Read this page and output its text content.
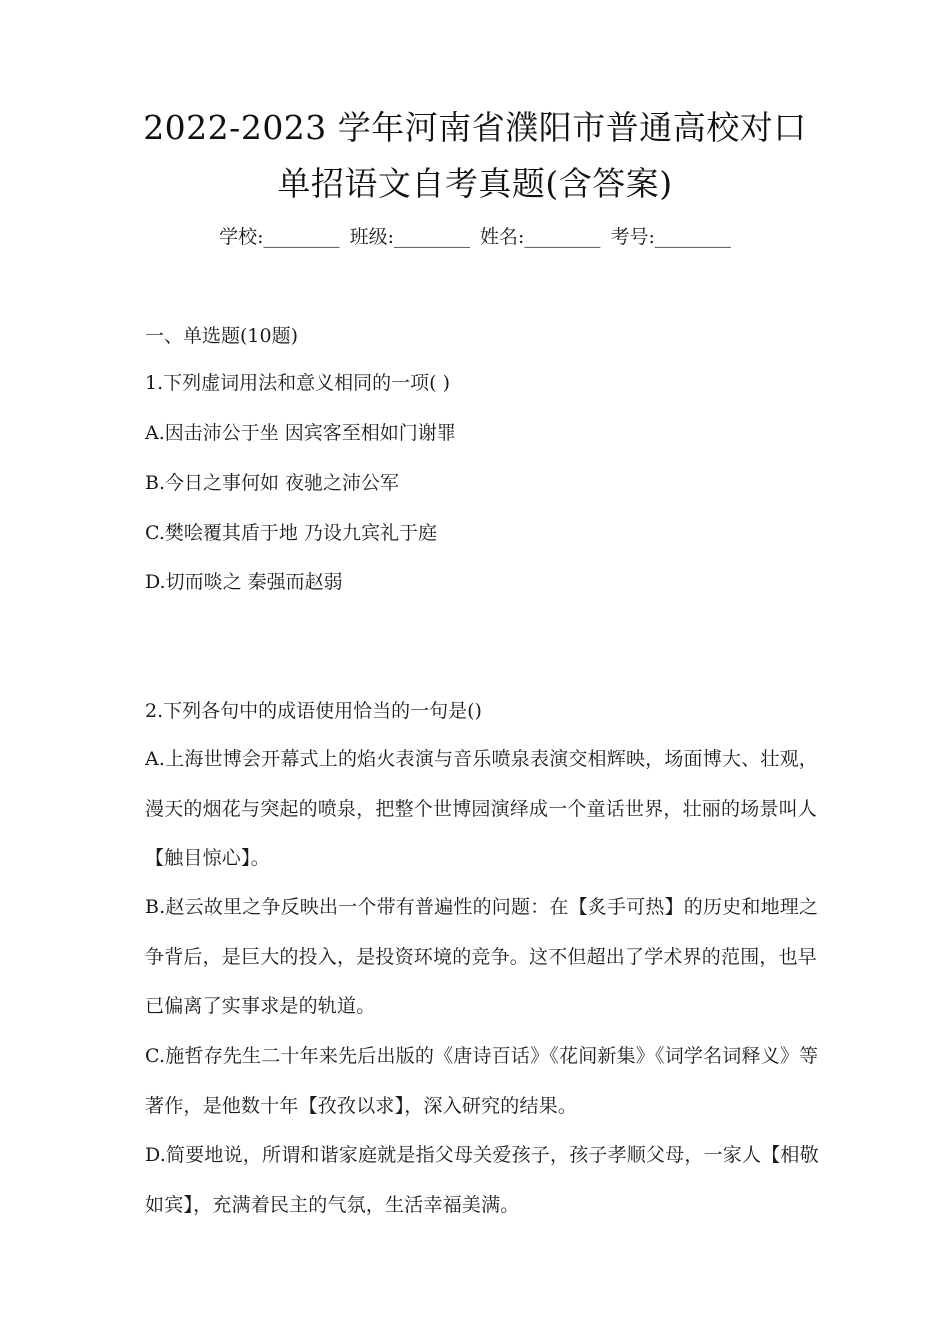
2022-2023 学年河南省濮阳市普通高校对口
单招语文自考真题(含答案)
学校:________ 班级:________ 姓名:________ 考号:________
一、单选题(10题)
1.下列虚词用法和意义相同的一项( )
A.因击沛公于坐 因宾客至相如门谢罪
B.今日之事何如 夜驰之沛公军
C.樊哙覆其盾于地 乃设九宾礼于庭
D.切而啖之 秦强而赵弱
2.下列各句中的成语使用恰当的一句是()
A.上海世博会开幕式上的焰火表演与音乐喷泉表演交相辉映，场面博大、壮观，漫天的烟花与突起的喷泉，把整个世博园演绎成一个童话世界，壮丽的场景叫人【触目惊心】。
B.赵云故里之争反映出一个带有普遍性的问题：在【炙手可热】的历史和地理之争背后，是巨大的投入，是投资环境的竞争。这不但超出了学术界的范围，也早已偏离了实事求是的轨道。
C.施哲存先生二十年来先后出版的《唐诗百话》《花间新集》《词学名词释义》等著作，是他数十年【孜孜以求】，深入研究的结果。
D.简要地说，所谓和谐家庭就是指父母关爱孩子，孩子孝顺父母，一家人【相敬如宾】，充满着民主的气氛，生活幸福美满。
